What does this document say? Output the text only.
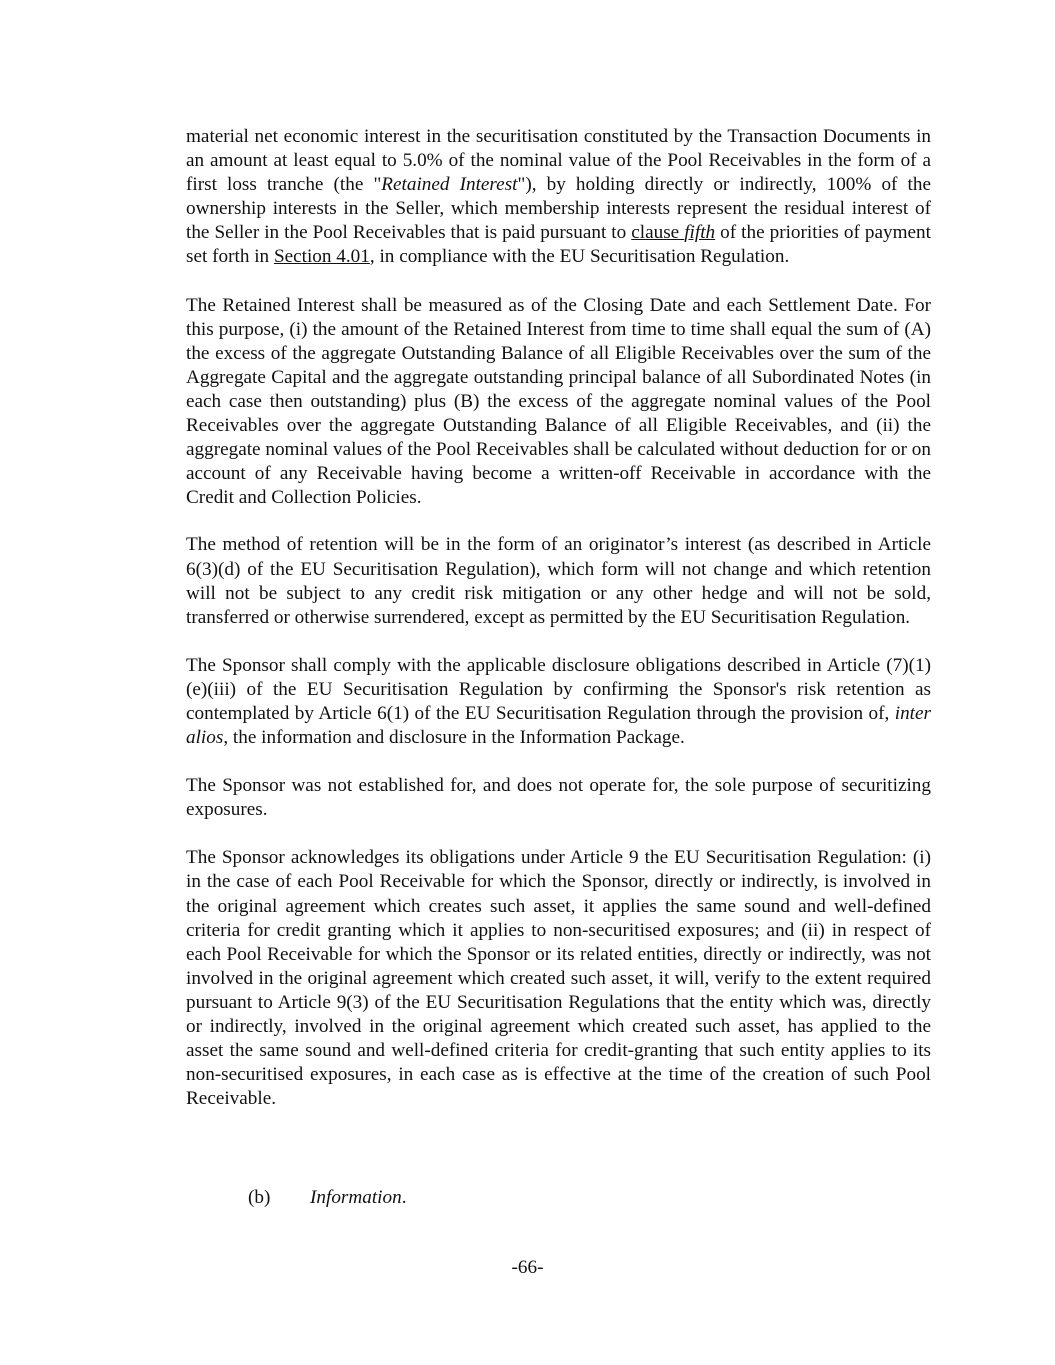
material net economic interest in the securitisation constituted by the Transaction Documents in an amount at least equal to 5.0% of the nominal value of the Pool Receivables in the form of a first loss tranche (the "Retained Interest"), by holding directly or indirectly, 100% of the ownership interests in the Seller, which membership interests represent the residual interest of the Seller in the Pool Receivables that is paid pursuant to clause fifth of the priorities of payment set forth in Section 4.01, in compliance with the EU Securitisation Regulation.

The Retained Interest shall be measured as of the Closing Date and each Settlement Date. For this purpose, (i) the amount of the Retained Interest from time to time shall equal the sum of (A) the excess of the aggregate Outstanding Balance of all Eligible Receivables over the sum of the Aggregate Capital and the aggregate outstanding principal balance of all Subordinated Notes (in each case then outstanding) plus (B) the excess of the aggregate nominal values of the Pool Receivables over the aggregate Outstanding Balance of all Eligible Receivables, and (ii) the aggregate nominal values of the Pool Receivables shall be calculated without deduction for or on account of any Receivable having become a written-off Receivable in accordance with the Credit and Collection Policies.

The method of retention will be in the form of an originator’s interest (as described in Article 6(3)(d) of the EU Securitisation Regulation), which form will not change and which retention will not be subject to any credit risk mitigation or any other hedge and will not be sold, transferred or otherwise surrendered, except as permitted by the EU Securitisation Regulation.

The Sponsor shall comply with the applicable disclosure obligations described in Article (7)(1)(e)(iii) of the EU Securitisation Regulation by confirming the Sponsor's risk retention as contemplated by Article 6(1) of the EU Securitisation Regulation through the provision of, inter alios, the information and disclosure in the Information Package.

The Sponsor was not established for, and does not operate for, the sole purpose of securitizing exposures.

The Sponsor acknowledges its obligations under Article 9 the EU Securitisation Regulation: (i) in the case of each Pool Receivable for which the Sponsor, directly or indirectly, is involved in the original agreement which creates such asset, it applies the same sound and well-defined criteria for credit granting which it applies to non-securitised exposures; and (ii) in respect of each Pool Receivable for which the Sponsor or its related entities, directly or indirectly, was not involved in the original agreement which created such asset, it will, verify to the extent required pursuant to Article 9(3) of the EU Securitisation Regulations that the entity which was, directly or indirectly, involved in the original agreement which created such asset, has applied to the asset the same sound and well-defined criteria for credit-granting that such entity applies to its non-securitised exposures, in each case as is effective at the time of the creation of such Pool Receivable.

(b) Information.
-66-
